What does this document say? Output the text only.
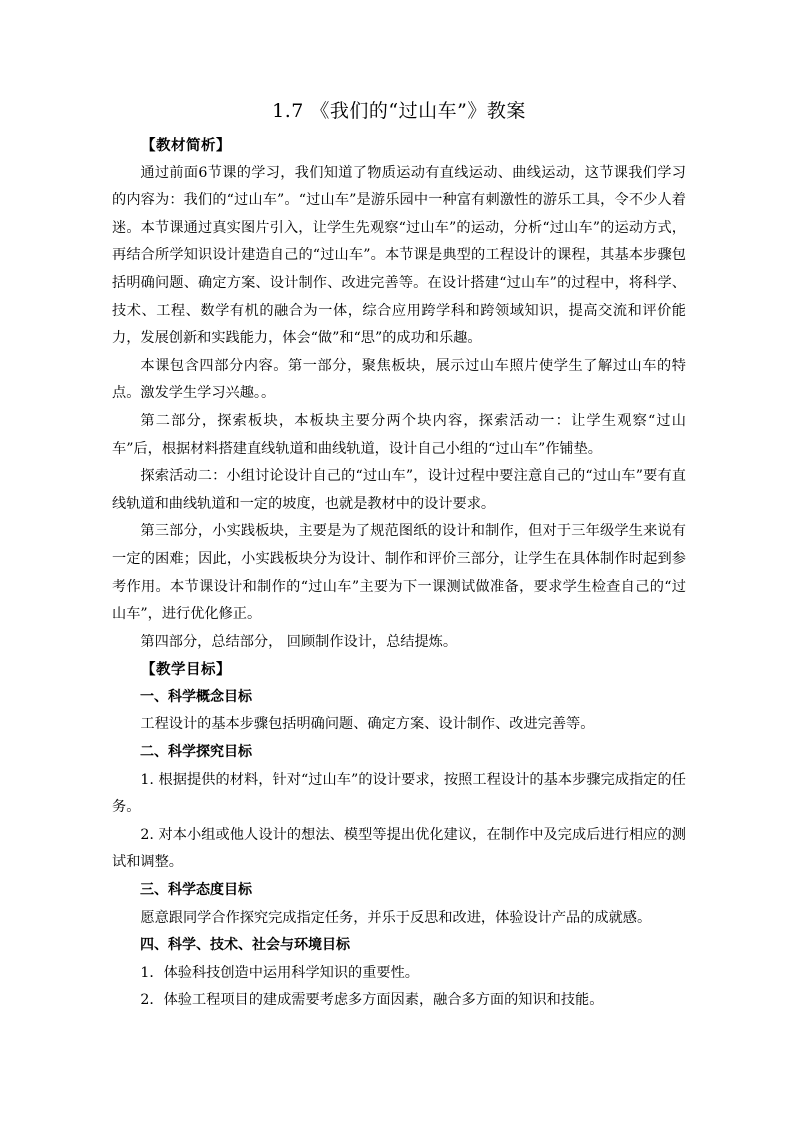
1.7 《我们的“过山车”》教案
【教材简析】

通过前面6节课的学习，我们知道了物质运动有直线运动、曲线运动，这节课我们学习的内容为：我们的“过山车”。“过山车”是游乐园中一种富有刺激性的游乐工具，令不少人着迷。本节课通过真实图片引入，让学生先观察“过山车”的运动，分析“过山车”的运动方式，再结合所学知识设计建造自己的“过山车”。本节课是典型的工程设计的课程，其基本步骤包括明确问题、确定方案、设计制作、改进完善等。在设计搭建“过山车”的过程中，将科学、技术、工程、数学有机的融合为一体，综合应用跨学科和跨领域知识，提高交流和评价能力，发展创新和实践能力，体会“做”和“思”的成功和乐趣。

本课包含四部分内容。第一部分，聚焦板块，展示过山车照片使学生了解过山车的特点。激发学生学习兴趣。。

第二部分，探索板块，本板块主要分两个块内容，探索活动一：让学生观察“过山车”后，根据材料搭建直线轨道和曲线轨道，设计自己小组的“过山车”作铺垫。

探索活动二：小组讨论设计自己的“过山车”，设计过程中要注意自己的“过山车”要有直线轨道和曲线轨道和一定的坡度，也就是教材中的设计要求。

第三部分，小实践板块，主要是为了规范图纸的设计和制作，但对于三年级学生来说有一定的困难；因此，小实践板块分为设计、制作和评价三部分，让学生在具体制作时起到参考作用。本节课设计和制作的“过山车”主要为下一课测试做准备，要求学生检查自己的“过山车”，进行优化修正。

第四部分，总结部分， 回顾制作设计，总结提炼。

【教学目标】
一、科学概念目标

工程设计的基本步骤包括明确问题、确定方案、设计制作、改进完善等。

二、科学探究目标

1. 根据提供的材料，针对“过山车”的设计要求，按照工程设计的基本步骤完成指定的任务。

2. 对本小组或他人设计的想法、模型等提出优化建议，在制作中及完成后进行相应的测试和调整。

三、科学态度目标

愿意跟同学合作探究完成指定任务，并乐于反思和改进，体验设计产品的成就感。

四、科学、技术、社会与环境目标

1．体验科技创造中运用科学知识的重要性。

2．体验工程项目的建成需要考虑多方面因素，融合多方面的知识和技能。
